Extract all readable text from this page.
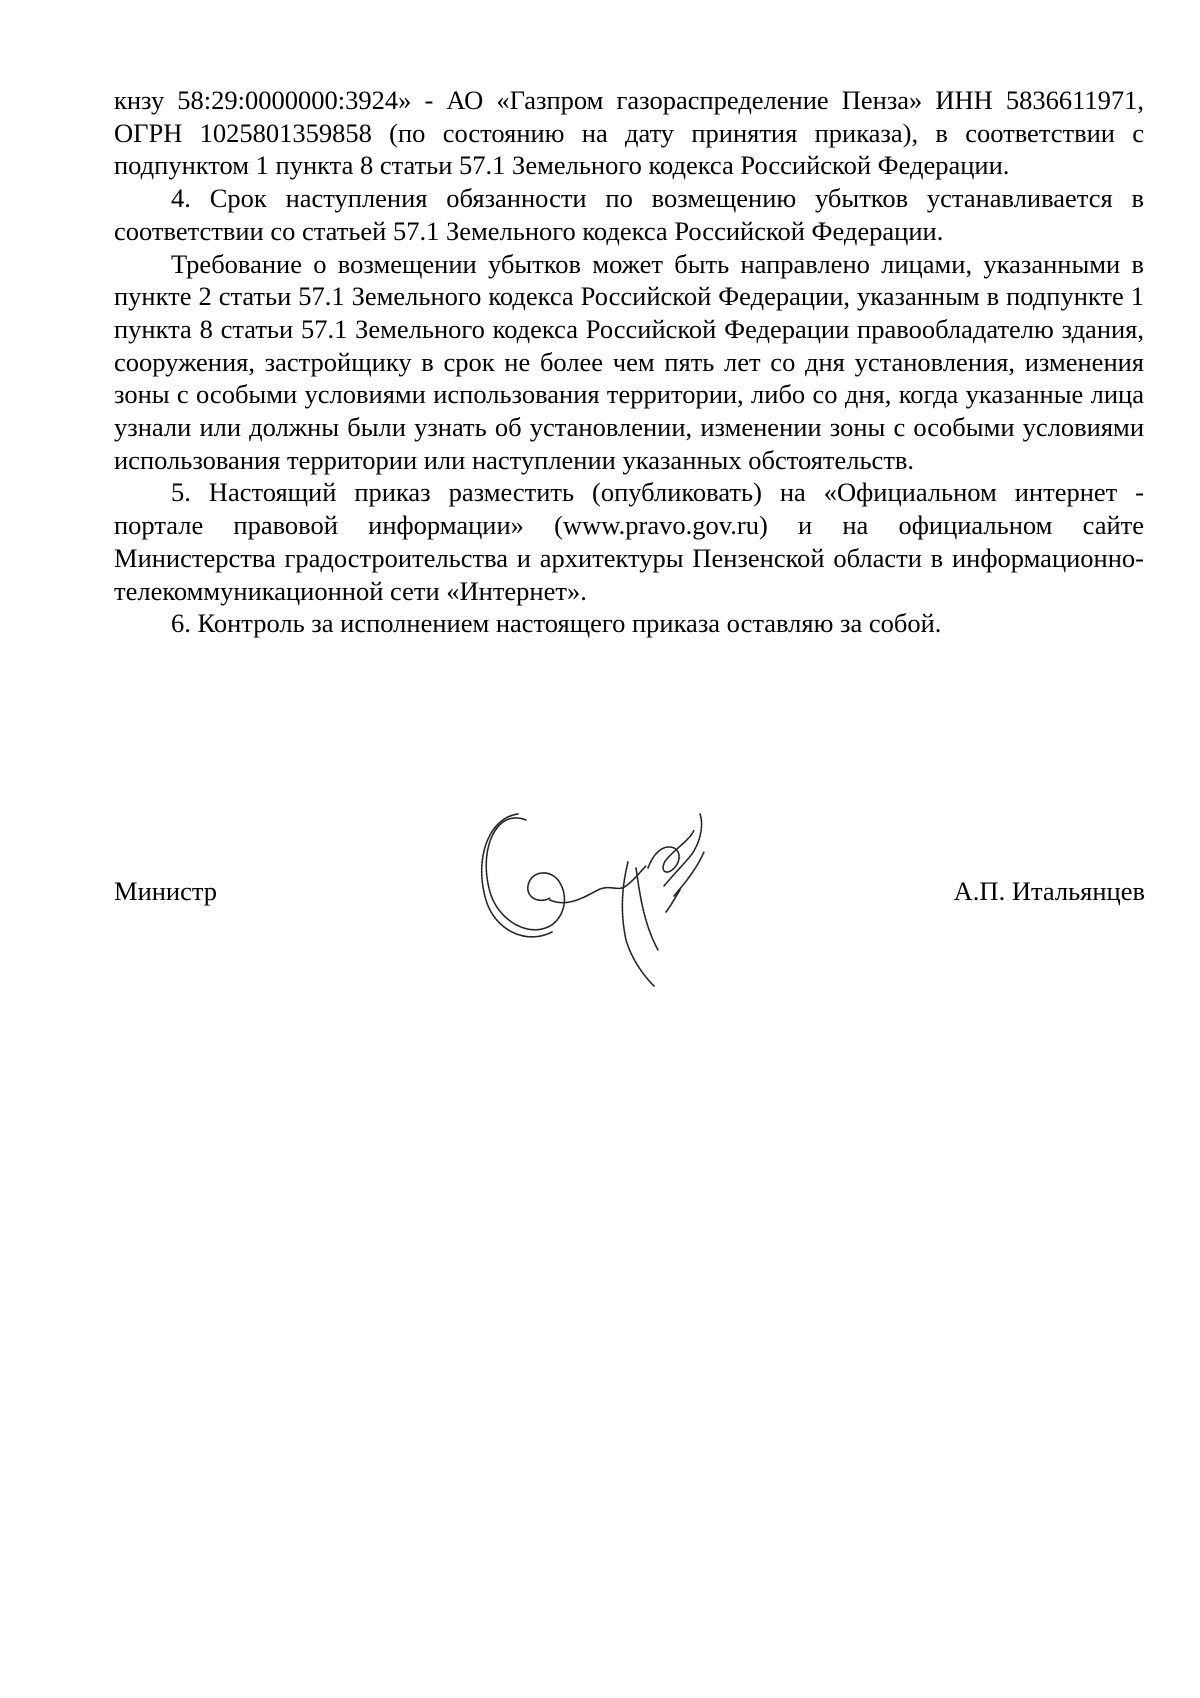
кнзу 58:29:0000000:3924» - АО «Газпром газораспределение Пенза» ИНН 5836611971, ОГРН 1025801359858 (по состоянию на дату принятия приказа), в соответствии с подпунктом 1 пункта 8 статьи 57.1 Земельного кодекса Российской Федерации.

4. Срок наступления обязанности по возмещению убытков устанавливается в соответствии со статьей 57.1 Земельного кодекса Российской Федерации.

Требование о возмещении убытков может быть направлено лицами, указанными в пункте 2 статьи 57.1 Земельного кодекса Российской Федерации, указанным в подпункте 1 пункта 8 статьи 57.1 Земельного кодекса Российской Федерации правообладателю здания, сооружения, застройщику в срок не более чем пять лет со дня установления, изменения зоны с особыми условиями использования территории, либо со дня, когда указанные лица узнали или должны были узнать об установлении, изменении зоны с особыми условиями использования территории или наступлении указанных обстоятельств.

5. Настоящий приказ разместить (опубликовать) на «Официальном интернет - портале правовой информации» (www.pravo.gov.ru) и на официальном сайте Министерства градостроительства и архитектуры Пензенской области в информационно-телекоммуникационной сети «Интернет».

6. Контроль за исполнением настоящего приказа оставляю за собой.

Министр	А.П. Итальянцев
